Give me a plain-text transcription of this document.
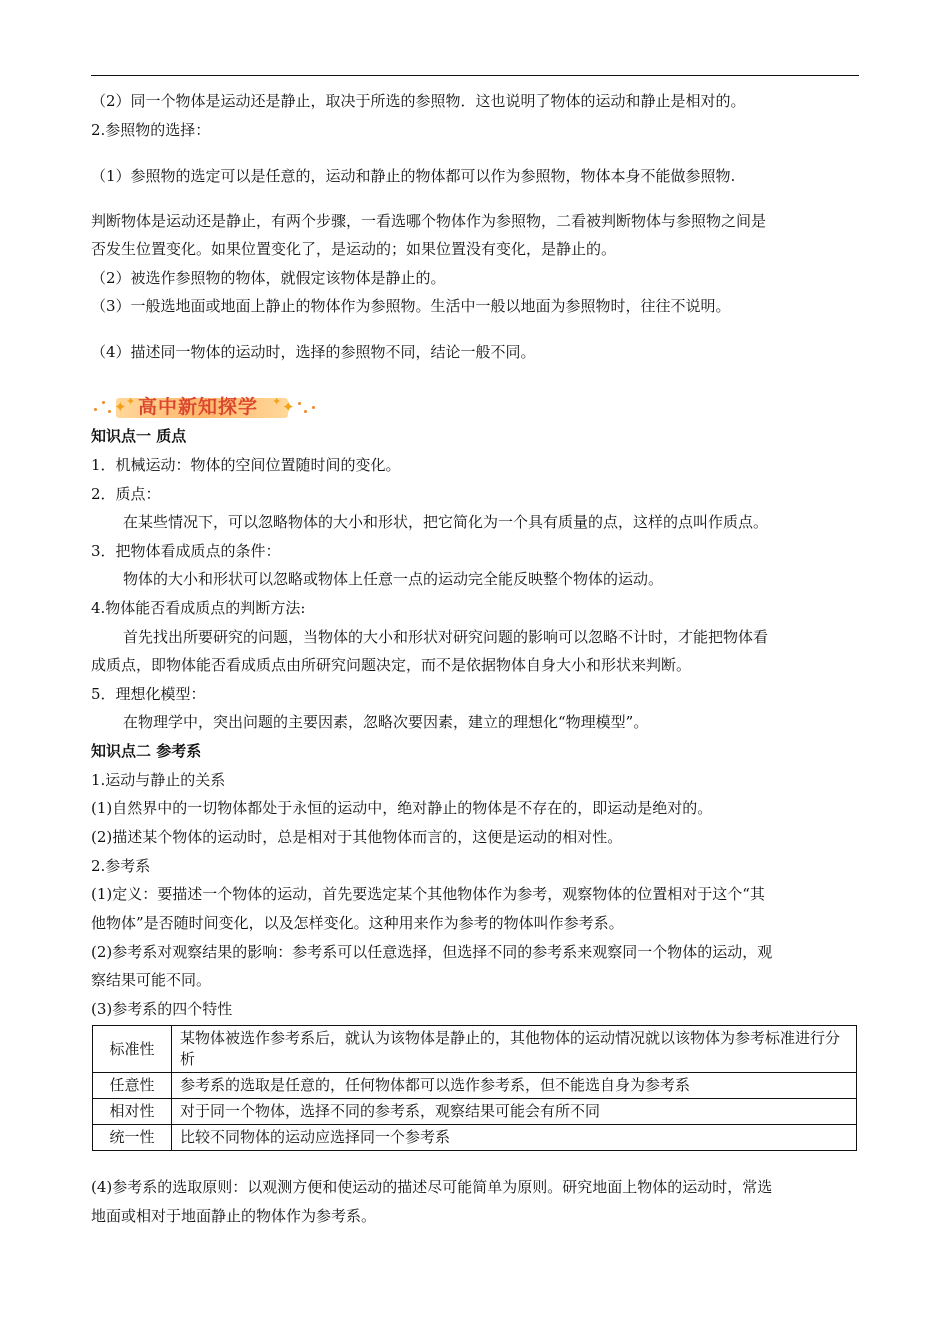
（2）同一个物体是运动还是静止，取决于所选的参照物．这也说明了物体的运动和静止是相对的。
2.参照物的选择：
（1）参照物的选定可以是任意的，运动和静止的物体都可以作为参照物，物体本身不能做参照物.
判断物体是运动还是静止，有两个步骤，一看选哪个物体作为参照物，二看被判断物体与参照物之间是
否发生位置变化。如果位置变化了，是运动的；如果位置没有变化，是静止的。
（2）被选作参照物的物体，就假定该物体是静止的。
（3）一般选地面或地面上静止的物体作为参照物。生活中一般以地面为参照物时，往往不说明。
（4）描述同一物体的运动时，选择的参照物不同，结论一般不同。
✦ ✦ 高中新知探学 ✦ ✦
知识点一 质点
1．机械运动：物体的空间位置随时间的变化。
2．质点：
在某些情况下，可以忽略物体的大小和形状，把它简化为一个具有质量的点，这样的点叫作质点。
3．把物体看成质点的条件：
物体的大小和形状可以忽略或物体上任意一点的运动完全能反映整个物体的运动。
4.物体能否看成质点的判断方法:
首先找出所要研究的问题，当物体的大小和形状对研究问题的影响可以忽略不计时，才能把物体看
成质点，即物体能否看成质点由所研究问题决定，而不是依据物体自身大小和形状来判断。
5．理想化模型：
在物理学中，突出问题的主要因素，忽略次要因素，建立的理想化“物理模型”。
知识点二 参考系
1.运动与静止的关系
(1)自然界中的一切物体都处于永恒的运动中，绝对静止的物体是不存在的，即运动是绝对的。
(2)描述某个物体的运动时，总是相对于其他物体而言的，这便是运动的相对性。
2.参考系
(1)定义：要描述一个物体的运动，首先要选定某个其他物体作为参考，观察物体的位置相对于这个“其
他物体”是否随时间变化，以及怎样变化。这种用来作为参考的物体叫作参考系。
(2)参考系对观察结果的影响：参考系可以任意选择，但选择不同的参考系来观察同一个物体的运动，观
察结果可能不同。
(3)参考系的四个特性
标准性	某物体被选作参考系后，就认为该物体是静止的，其他物体的运动情况就以该物体为参考标准进行分析
任意性	参考系的选取是任意的，任何物体都可以选作参考系，但不能选自身为参考系
相对性	对于同一个物体，选择不同的参考系，观察结果可能会有所不同
统一性	比较不同物体的运动应选择同一个参考系
(4)参考系的选取原则：以观测方便和使运动的描述尽可能简单为原则。研究地面上物体的运动时，常选
地面或相对于地面静止的物体作为参考系。
